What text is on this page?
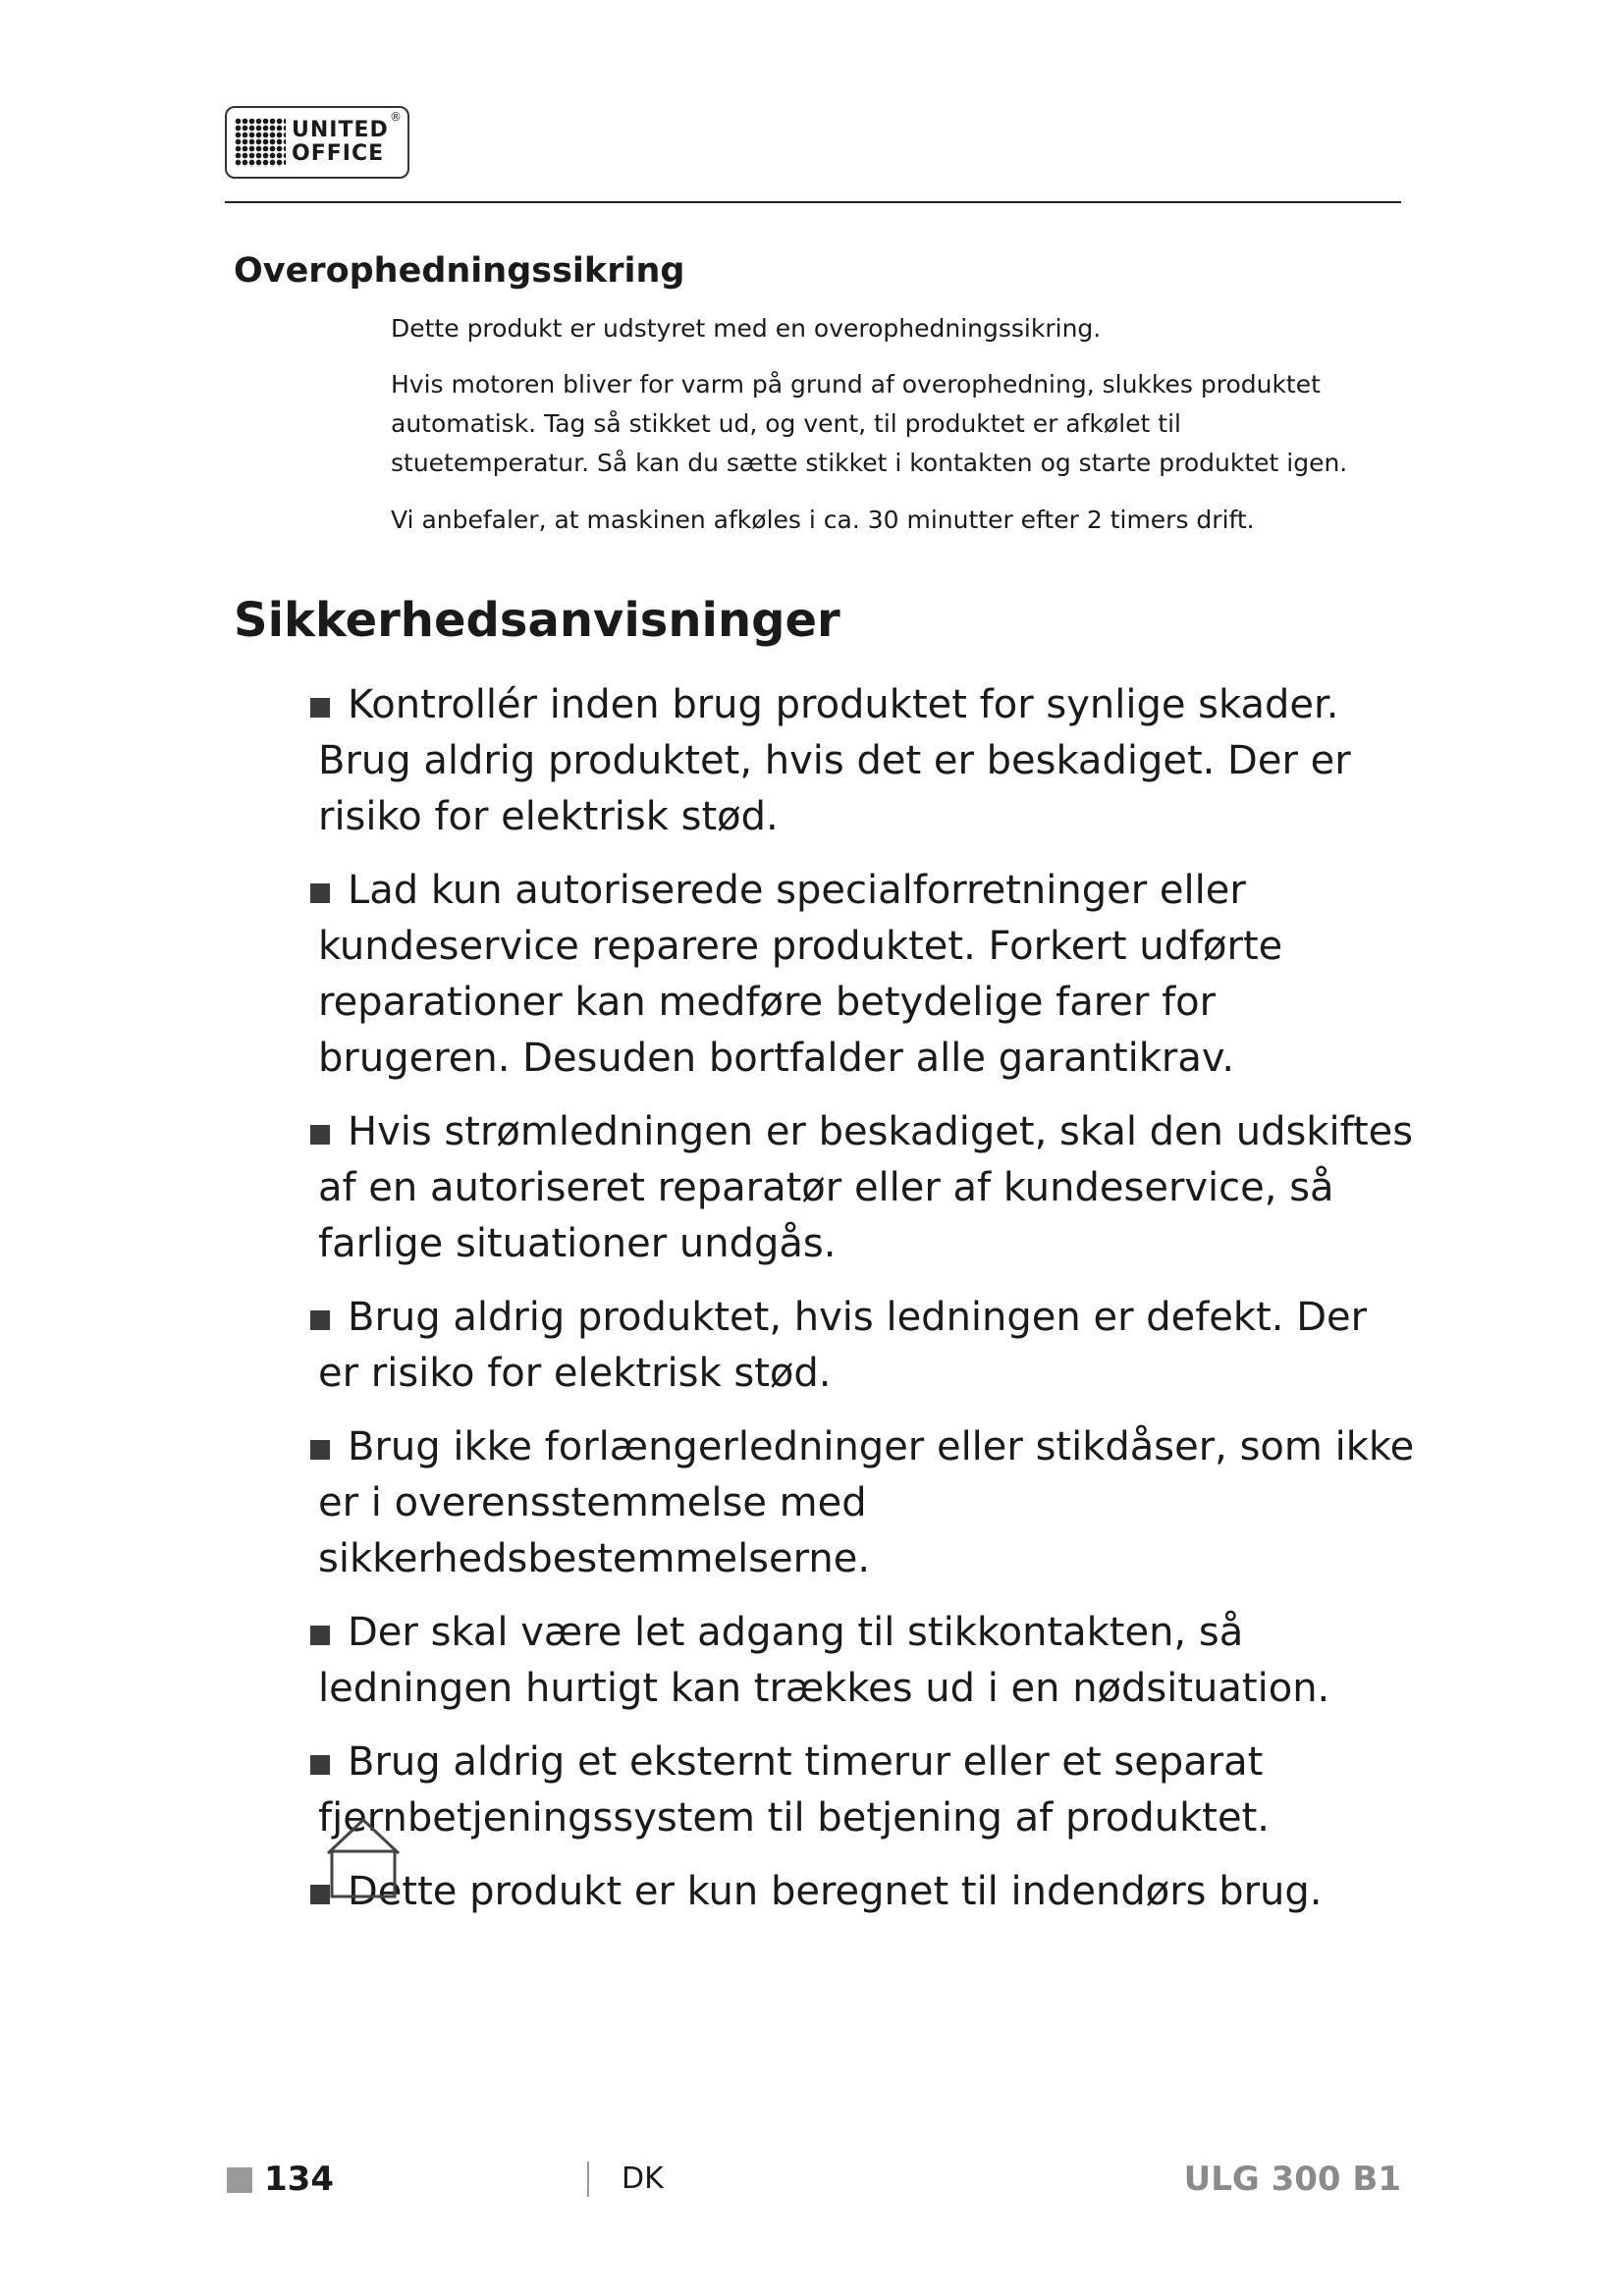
UNITED
OFFICE
®
Overophedningssikring

Dette produkt er udstyret med en overophedningssikring.

Hvis motoren bliver for varm på grund af overophedning, slukkes produktet automatisk. Tag så stikket ud, og vent, til produktet er afkølet til stuetemperatur. Så kan du sætte stikket i kontakten og starte produktet igen.

Vi anbefaler, at maskinen afkøles i ca. 30 minutter efter 2 timers drift.

Sikkerhedsanvisninger
Kontrollér inden brug produktet for synlige skader. Brug aldrig produktet, hvis det er beskadiget. Der er risiko for elektrisk stød.
Lad kun autoriserede specialforretninger eller kundeservice reparere produktet. Forkert udførte reparationer kan medføre betydelige farer for brugeren. Desuden bortfalder alle garantikrav.
Hvis strømledningen er beskadiget, skal den udskiftes af en autoriseret reparatør eller af kundeservice, så farlige situationer undgås.
Brug aldrig produktet, hvis ledningen er defekt. Der er risiko for elektrisk stød.
Brug ikke forlængerledninger eller stikdåser, som ikke er i overensstemmelse med sikkerhedsbestemmelserne.
Der skal være let adgang til stikkontakten, så ledningen hurtigt kan trækkes ud i en nødsituation.
Brug aldrig et eksternt timerur eller et separat fjernbetjeningssystem til betjening af produktet.
Dette produkt er kun beregnet til indendørs brug.
134	DK	ULG 300 B1
